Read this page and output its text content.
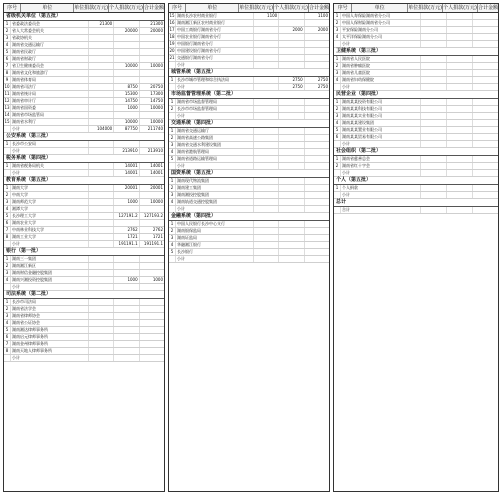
序号	单位	单位捐款(万元) 个人捐款(万元) 合计金额
省级机关单位（第五批）
1 省委政法委员会	21300	21300
2 省人大常委会机关	20000	20000
3 省政协机关
4 湖南省交通运输厅
5 湖南省民政厅
6 湖南省财政厅
7 省卫生健康委员会	10000	10000
8 湖南省文化和旅游厅
9 湖南省体育局
10 湖南省司法厅	8750	20750
11 湖南省统计局	15300	17300
12 湖南省审计厅	14750	14750
13 湖南省国资委	1000	10000
14 湖南省市场监管局
15 湖南省水利厅	10000	10000
小计	104000	87750	211740
公安系统（第三批）
1 长沙市公安局
小计	213910	213910
税务系统（第四批）
1 湖南省税务局机关	14001	14001
小计	14001	14001
教育系统（第五批）
1 湖南大学	20001	20001
2 中南大学
3 湖南师范大学	1000	10000
4 湘潭大学
5 长沙理工大学	127191.2	127193.2
6 湖南农业大学
7 中南林业科技大学	2762	2762
8 湖南工业大学	1721	1721
小计	191191.1	191191.1
银行（第一批）
1 湖南三一集团
2 湖南湘江新区
3 湖南财信金融控股集团
4 湖南兴湘投资控股集团	1000	1000
小计
司法系统（第二批）
1 长沙市司法局
2 湖南省法学会
3 湖南省律师协会
4 湖南省公证协会
5 湖南湘达律师事务所
6 湖南启元律师事务所
7 湖南金州律师事务所
8 湖南天地人律师事务所
小计
序号	单位	单位捐款(万元) 个人捐款(万元) 合计金额
15 湖南长沙农村商业银行	1100	1100
16 湖南湘江新区农村商业银行
17 中国工商银行湖南省分行	2000	2000
18 中国农业银行湖南省分行
19 中国银行湖南省分行
20 中国建设银行湖南省分行
21 交通银行湖南省分行
小计
城管系统（第五批）
1 长沙市城市管理和综合执法局	2750	2750
小计	2750	2750
市场监督管理系统（第二批）
1 湖南省市场监督管理局
2 长沙市市场监督管理局
小计
交通系统（第四批）
1 湖南省交通运输厅
2 湖南省高速公路集团
3 湖南省交通水利建设集团
4 湖南省港航管理局
5 湖南省道路运输管理局
小计
国资系统（第五批）
1 湖南现代物流集团
2 湖南建工集团
3 湖南湘投控股集团
4 湖南轨道交通控股集团
小计
金融系统（第四批）
1 中国人民银行长沙中心支行
2 湖南银保监局
3 湖南证监局
4 华融湘江银行
5 长沙银行
小计
序号	单位	单位捐款(万元) 个人捐款(万元) 合计金额
1 中国人寿保险湖南省分公司
2 中国人保财险湖南省分公司
3 平安保险湖南分公司
4 太平洋保险湖南分公司
小计
卫健系统（第三批）
1 湖南省人民医院
2 湖南省肿瘤医院
3 湖南省儿童医院
4 湖南省妇幼保健院
小计
民营企业（第四批）
1 湖南某某投资有限公司
2 湖南某某科技有限公司
3 湖南某某实业有限公司
4 湖南某某建设集团
5 湖南某某置业有限公司
6 湖南某某贸易有限公司
小计
社会组织（第二批）
1 湖南省慈善总会
2 湖南省红十字会
小计
个人（第五批）
1 个人捐款
小计
总计
合计
